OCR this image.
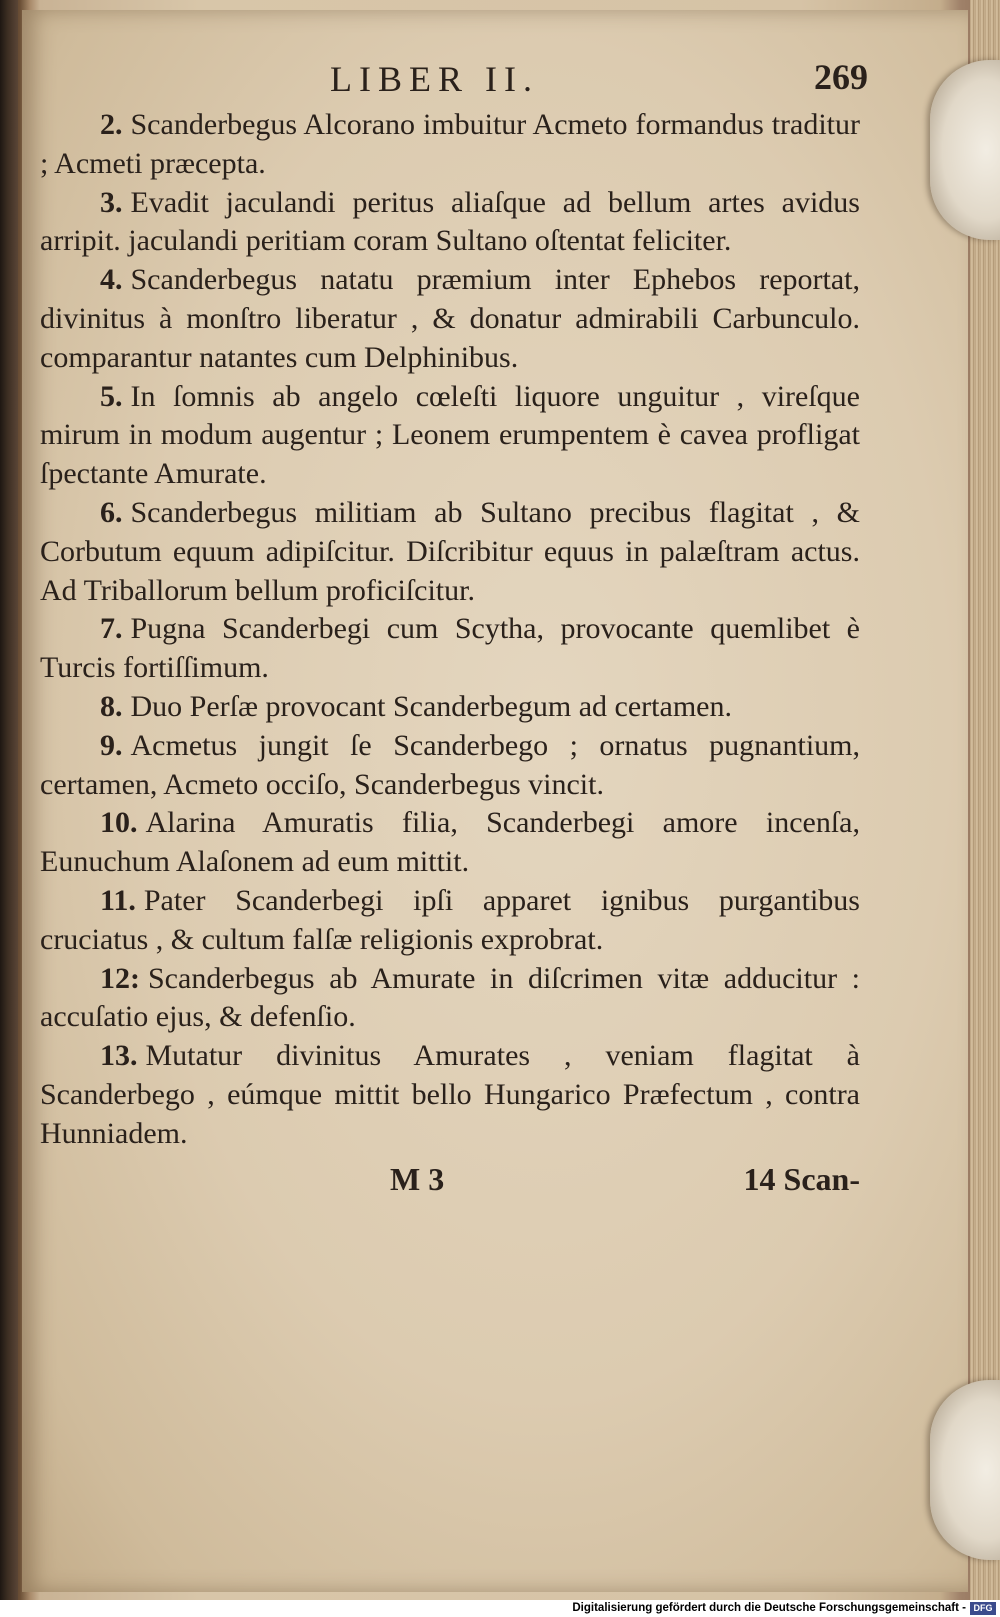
LIBER II.	269

2. Scanderbegus Alcorano imbuitur Acmeto formandus traditur ; Acmeti præcepta.

3. Evadit jaculandi peritus aliaſque ad bellum artes avidus arripit. jaculandi peritiam coram Sultano oſtentat feliciter.

4. Scanderbegus natatu præmium inter Ephebos reportat, divinitus à monſtro liberatur , & donatur admirabili Carbunculo. comparantur natantes cum Delphinibus.

5. In ſomnis ab angelo cœleſti liquore unguitur , vireſque mirum in modum augentur ; Leonem erumpentem è cavea profligat ſpectante Amurate.

6. Scanderbegus militiam ab Sultano precibus flagitat , & Corbutum equum adipiſcitur. Diſcribitur equus in palæſtram actus. Ad Triballorum bellum proficiſcitur.

7. Pugna Scanderbegi cum Scytha, provocante quemlibet è Turcis fortiſſimum.

8. Duo Perſæ provocant Scanderbegum ad certamen.

9. Acmetus jungit ſe Scanderbego ; ornatus pugnantium, certamen, Acmeto occiſo, Scanderbegus vincit.

10. Alarina Amuratis filia, Scanderbegi amore incenſa, Eunuchum Alaſonem ad eum mittit.

11. Pater Scanderbegi ipſi apparet ignibus purgantibus cruciatus , & cultum falſæ religionis exprobrat.

12: Scanderbegus ab Amurate in diſcrimen vitæ adducitur : accuſatio ejus, & defenſio.

13. Mutatur divinitus Amurates , veniam flagitat à Scanderbego , eúmque mittit bello Hungarico Præfectum , contra Hunniadem.

M 3	14 Scan-
Digitalisierung gefördert durch die Deutsche Forschungsgemeinschaft - DFG
